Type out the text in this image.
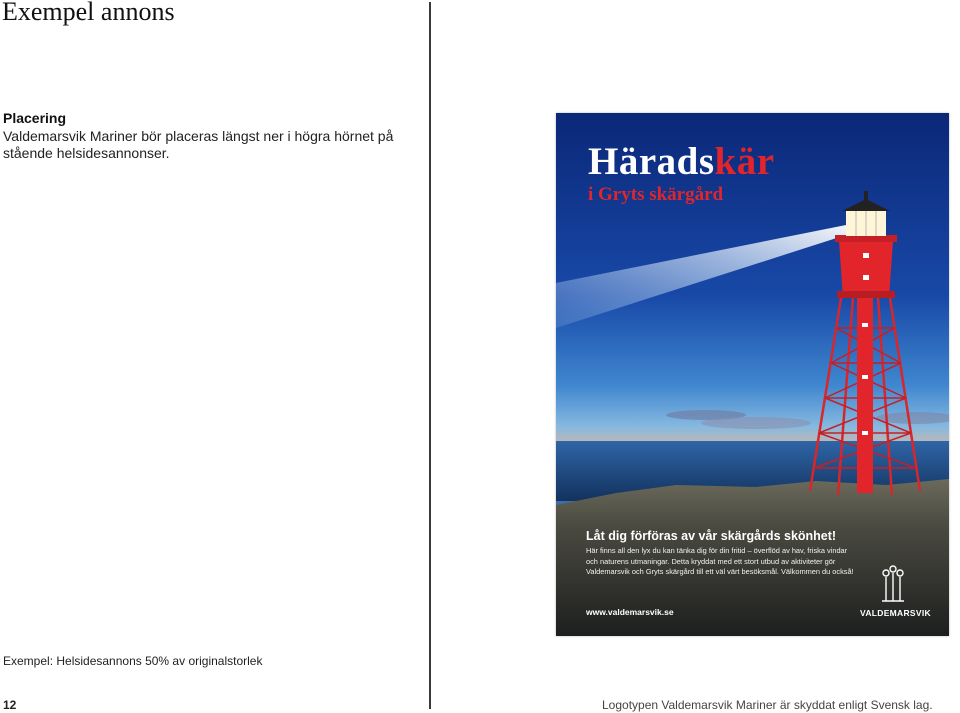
Exempel annons
Placering
Valdemarsvik Mariner bör placeras längst ner i högra hörnet på stående helsidesannonser.	Häradskär
i Gryts skärgård
Låt dig förföras av vår skärgårds skönhet!
Här finns all den lyx du kan tänka dig för din fritid – överflöd av hav, friska vindar och naturens utmaningar. Detta kryddat med ett stort utbud av aktiviteter gör Valdemarsvik och Gryts skärgård till ett väl värt besöksmål. Välkommen du också!
www.valdemarsvik.se	VALDEMARSVIK
Exempel: Helsidesannons 50% av originalstorlek
12	Logotypen Valdemarsvik Mariner är skyddat enligt Svensk lag.
